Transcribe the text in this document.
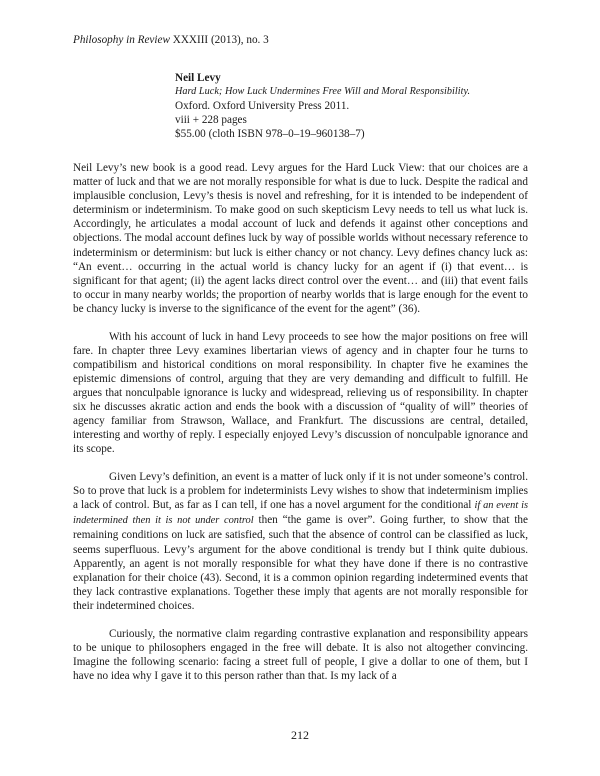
Philosophy in Review XXXIII (2013), no. 3
Neil Levy
Hard Luck; How Luck Undermines Free Will and Moral Responsibility.
Oxford. Oxford University Press 2011.
viii + 228 pages
$55.00 (cloth ISBN 978–0–19–960138–7)

Neil Levy’s new book is a good read. Levy argues for the Hard Luck View: that our choices are a matter of luck and that we are not morally responsible for what is due to luck. Despite the radical and implausible conclusion, Levy’s thesis is novel and refreshing, for it is intended to be independent of determinism or indeterminism. To make good on such skepticism Levy needs to tell us what luck is. Accordingly, he articulates a modal account of luck and defends it against other conceptions and objections. The modal account defines luck by way of possible worlds without necessary reference to indeterminism or determinism: but luck is either chancy or not chancy. Levy defines chancy luck as: “An event… occurring in the actual world is chancy lucky for an agent if (i) that event… is significant for that agent; (ii) the agent lacks direct control over the event… and (iii) that event fails to occur in many nearby worlds; the proportion of nearby worlds that is large enough for the event to be chancy lucky is inverse to the significance of the event for the agent” (36).

With his account of luck in hand Levy proceeds to see how the major positions on free will fare. In chapter three Levy examines libertarian views of agency and in chapter four he turns to compatibilism and historical conditions on moral responsibility. In chapter five he examines the epistemic dimensions of control, arguing that they are very demanding and difficult to fulfill. He argues that nonculpable ignorance is lucky and widespread, relieving us of responsibility. In chapter six he discusses akratic action and ends the book with a discussion of “quality of will” theories of agency familiar from Strawson, Wallace, and Frankfurt. The discussions are central, detailed, interesting and worthy of reply. I especially enjoyed Levy’s discussion of nonculpable ignorance and its scope.

Given Levy’s definition, an event is a matter of luck only if it is not under someone’s control. So to prove that luck is a problem for indeterminists Levy wishes to show that indeterminism implies a lack of control. But, as far as I can tell, if one has a novel argument for the conditional if an event is indetermined then it is not under control then “the game is over”. Going further, to show that the remaining conditions on luck are satisfied, such that the absence of control can be classified as luck, seems superfluous. Levy’s argument for the above conditional is trendy but I think quite dubious. Apparently, an agent is not morally responsible for what they have done if there is no contrastive explanation for their choice (43). Second, it is a common opinion regarding indetermined events that they lack contrastive explanations. Together these imply that agents are not morally responsible for their indetermined choices.

Curiously, the normative claim regarding contrastive explanation and responsibility appears to be unique to philosophers engaged in the free will debate. It is also not altogether convincing. Imagine the following scenario: facing a street full of people, I give a dollar to one of them, but I have no idea why I gave it to this person rather than that. Is my lack of a

212
